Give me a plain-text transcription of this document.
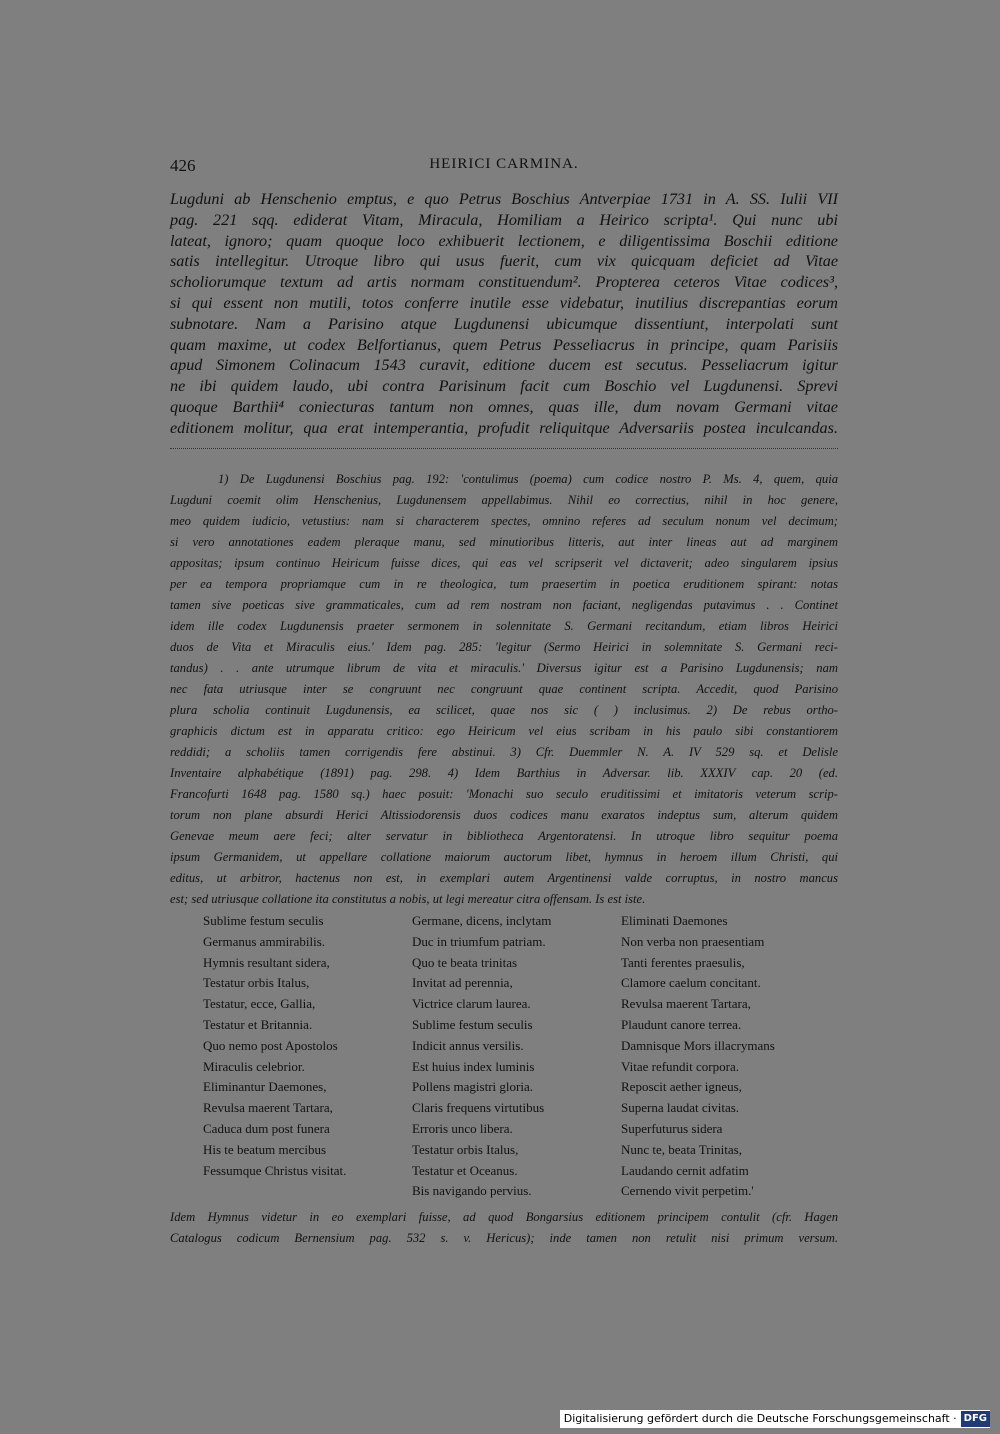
426	HEIRICI CARMINA.
Lugduni ab Henschenio emptus, e quo Petrus Boschius Antverpiae 1731 in A. SS. Iulii VII
pag. 221 sqq. ediderat Vitam, Miracula, Homiliam a Heirico scripta¹. Qui nunc ubi
lateat, ignoro; quam quoque loco exhibuerit lectionem, e diligentissima Boschii editione
satis intellegitur. Utroque libro qui usus fuerit, cum vix quicquam deficiet ad Vitae
scholiorumque textum ad artis normam constituendum². Propterea ceteros Vitae codices³,
si qui essent non mutili, totos conferre inutile esse videbatur, inutilius discrepantias eorum
subnotare. Nam a Parisino atque Lugdunensi ubicumque dissentiunt, interpolati sunt
quam maxime, ut codex Belfortianus, quem Petrus Pesseliacrus in principe, quam Parisiis
apud Simonem Colinacum 1543 curavit, editione ducem est secutus. Pesseliacrum igitur
ne ibi quidem laudo, ubi contra Parisinum facit cum Boschio vel Lugdunensi. Sprevi
quoque Barthii⁴ coniecturas tantum non omnes, quas ille, dum novam Germani vitae
editionem molitur, qua erat intemperantia, profudit reliquitque Adversariis postea inculcandas.
1) De Lugdunensi Boschius pag. 192: 'contulimus (poema) cum codice nostro P. Ms. 4, quem, quia
Lugduni coemit olim Henschenius, Lugdunensem appellabimus. Nihil eo correctius, nihil in hoc genere,
meo quidem iudicio, vetustius: nam si characterem spectes, omnino referes ad seculum nonum vel decimum;
si vero annotationes eadem pleraque manu, sed minutioribus litteris, aut inter lineas aut ad marginem
appositas; ipsum continuo Heiricum fuisse dices, qui eas vel scripserit vel dictaverit; adeo singularem ipsius
per ea tempora propriamque cum in re theologica, tum praesertim in poetica eruditionem spirant: notas
tamen sive poeticas sive grammaticales, cum ad rem nostram non faciant, negligendas putavimus . . Continet
idem ille codex Lugdunensis praeter sermonem in solennitate S. Germani recitandum, etiam libros Heirici
duos de Vita et Miraculis eius.' Idem pag. 285: 'legitur (Sermo Heirici in solemnitate S. Germani reci-
tandus) . . ante utrumque librum de vita et miraculis.' Diversus igitur est a Parisino Lugdunensis; nam
nec fata utriusque inter se congruunt nec congruunt quae continent scripta. Accedit, quod Parisino
plura scholia continuit Lugdunensis, ea scilicet, quae nos sic ( ) inclusimus. 2) De rebus ortho-
graphicis dictum est in apparatu critico: ego Heiricum vel eius scribam in his paulo sibi constantiorem
reddidi; a scholiis tamen corrigendis fere abstinui. 3) Cfr. Duemmler N. A. IV 529 sq. et Delisle
Inventaire alphabétique (1891) pag. 298. 4) Idem Barthius in Adversar. lib. XXXIV cap. 20 (ed.
Francofurti 1648 pag. 1580 sq.) haec posuit: 'Monachi suo seculo eruditissimi et imitatoris veterum scrip-
torum non plane absurdi Herici Altissiodorensis duos codices manu exaratos indeptus sum, alterum quidem
Genevae meum aere feci; alter servatur in bibliotheca Argentoratensi. In utroque libro sequitur poema
ipsum Germanidem, ut appellare collatione maiorum auctorum libet, hymnus in heroem illum Christi, qui
editus, ut arbitror, hactenus non est, in exemplari autem Argentinensi valde corruptus, in nostro mancus
est; sed utriusque collatione ita constitutus a nobis, ut legi mereatur citra offensam. Is est iste.
Sublime festum seculis
Germanus ammirabilis.
Hymnis resultant sidera,
Testatur orbis Italus,
Testatur, ecce, Gallia,
Testatur et Britannia.
Quo nemo post Apostolos
Miraculis celebrior.
Eliminantur Daemones,
Revulsa maerent Tartara,
Caduca dum post funera
His te beatum mercibus
Fessumque Christus visitat.
Germane, dicens, inclytam
Duc in triumfum patriam.
Quo te beata trinitas
Invitat ad perennia,
Victrice clarum laurea.
Sublime festum seculis
Indicit annus versilis.
Est huius index luminis
Pollens magistri gloria.
Claris frequens virtutibus
Erroris unco libera.
Testatur orbis Italus,
Testatur et Oceanus.
Bis navigando pervius.
Eliminati Daemones
Non verba non praesentiam
Tanti ferentes praesulis,
Clamore caelum concitant.
Revulsa maerent Tartara,
Plaudunt canore terrea.
Damnisque Mors illacrymans
Vitae refundit corpora.
Reposcit aether igneus,
Superna laudat civitas.
Superfuturus sidera
Nunc te, beata Trinitas,
Laudando cernit adfatim
Cernendo vivit perpetim.'
Idem Hymnus videtur in eo exemplari fuisse, ad quod Bongarsius editionem principem contulit (cfr. Hagen
Catalogus codicum Bernensium pag. 532 s. v. Hericus); inde tamen non retulit nisi primum versum.
Digitalisierung gefördert durch die Deutsche Forschungsgemeinschaft · DFG
